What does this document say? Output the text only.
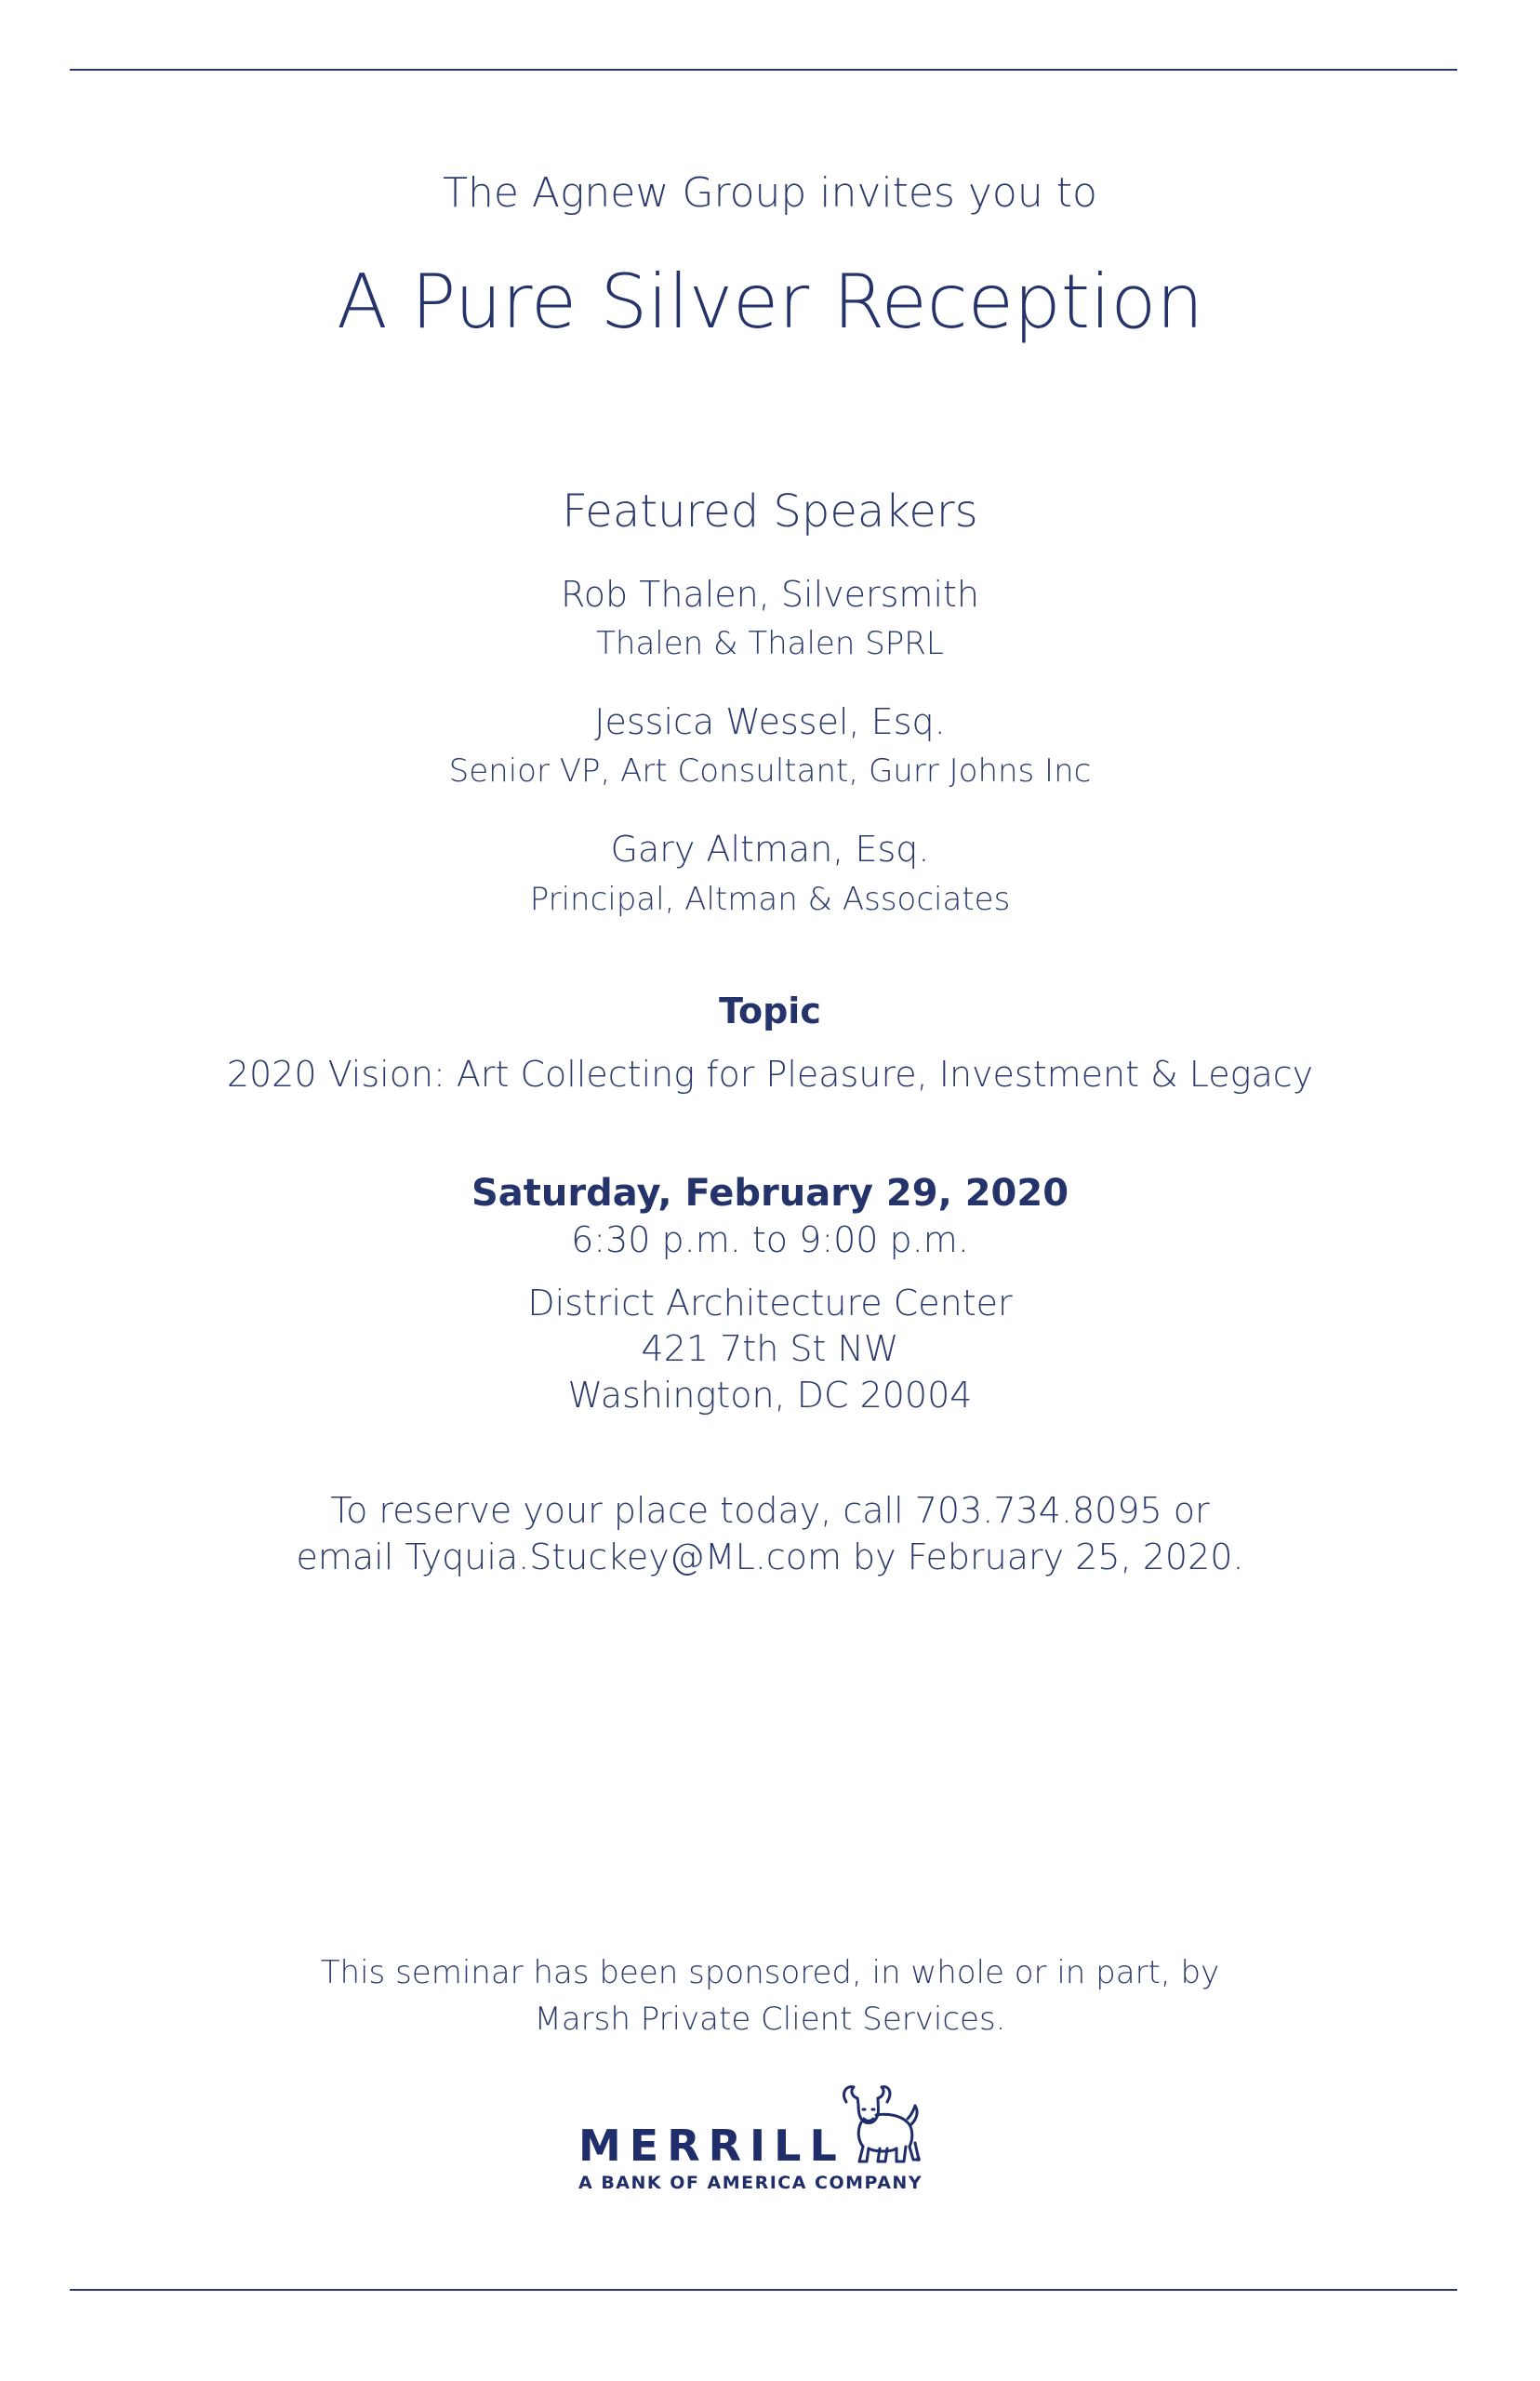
The Agnew Group invites you to
A Pure Silver Reception
Featured Speakers
Rob Thalen, Silversmith
Thalen & Thalen SPRL
Jessica Wessel, Esq.
Senior VP, Art Consultant, Gurr Johns Inc
Gary Altman, Esq.
Principal, Altman & Associates
Topic
2020 Vision: Art Collecting for Pleasure, Investment & Legacy
Saturday, February 29, 2020
6:30 p.m. to 9:00 p.m.
District Architecture Center
421 7th St NW
Washington, DC 20004
To reserve your place today, call 703.734.8095 or
email Tyquia.Stuckey@ML.com by February 25, 2020.
This seminar has been sponsored, in whole or in part, by
Marsh Private Client Services.
MERRILL	®
A BANK OF AMERICA COMPANY
